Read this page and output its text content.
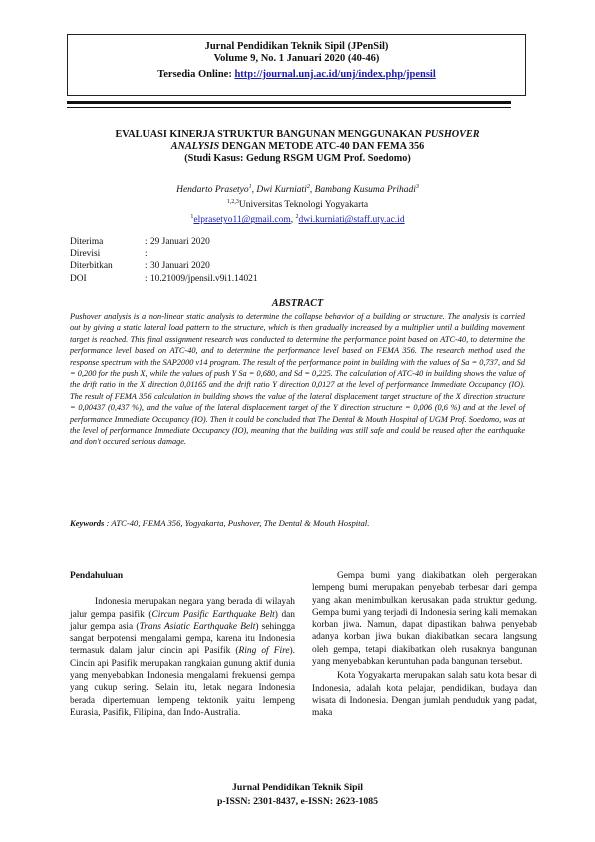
Jurnal Pendidikan Teknik Sipil (JPenSil)
Volume 9, No. 1 Januari 2020 (40-46)
Tersedia Online: http://journal.unj.ac.id/unj/index.php/jpensil
EVALUASI KINERJA STRUKTUR BANGUNAN MENGGUNAKAN PUSHOVER
ANALYSIS DENGAN METODE ATC-40 DAN FEMA 356
(Studi Kasus: Gedung RSGM UGM Prof. Soedomo)
Hendarto Prasetyo$^1$, Dwi Kurniati$^2$, Bambang Kusuma Prihadi$^3$
$^{1,2,3}$Universitas Teknologi Yogyakarta
$^1$elprasetyo11@gmail.com, $^2$dwi.kurniati@staff.uty.ac.id
Diterima	: 29 Januari 2020
Direvisi	:
Diterbitkan	: 30 Januari 2020
DOI	: 10.21009/jpensil.v9i1.14021
ABSTRACT
Pushover analysis is a non-linear static analysis to determine the collapse behavior of a building or structure. The analysis is carried out by giving a static lateral load pattern to the structure, which is then gradually increased by a multiplier until a building movement target is reached. This final assignment research was conducted to determine the performance point based on ATC-40, to determine the performance level based on ATC-40, and to determine the performance level based on FEMA 356. The research method used the response spectrum with the SAP2000 v14 program. The result of the performance point in building with the values of Sa = 0,737, and Sd = 0,200 for the push X, while the values of push Y Sa = 0,680, and Sd = 0,225. The calculation of ATC-40 in building shows the value of the drift ratio in the X direction 0,01165 and the drift ratio Y direction 0,0127 at the level of performance Immediate Occupancy (IO). The result of FEMA 356 calculation in building shows the value of the lateral displacement target structure of the X direction structure = 0,00437 (0,437 %), and the value of the lateral displacement target of the Y direction structure = 0,006 (0,6 %) and at the level of performance Immediate Occupancy (IO). Then it could be concluded that The Dental & Mouth Hospital of UGM Prof. Soedomo, was at the level of performance Immediate Occupancy (IO), meaning that the building was still safe and could be reused after the earthquake and don't occured serious damage.
Keywords : ATC-40, FEMA 356, Yogyakarta, Pushover, The Dental & Mouth Hospital.
Pendahuluan

Indonesia merupakan negara yang berada di wilayah jalur gempa pasifik (Circum Pasific Earthquake Belt) dan jalur gempa asia (Trans Asiatic Earthquake Belt) sehingga sangat berpotensi mengalami gempa, karena itu Indonesia termasuk dalam jalur cincin api Pasifik (Ring of Fire). Cincin api Pasifik merupakan rangkaian gunung aktif dunia yang menyebabkan Indonesia mengalami frekuensi gempa yang cukup sering. Selain itu, letak negara Indonesia berada dipertemuan lempeng tektonik yaitu lempeng Eurasia, Pasifik, Filipina, dan Indo-Australia.

Gempa bumi yang diakibatkan oleh pergerakan lempeng bumi merupakan penyebab terbesar dari gempa yang akan menimbulkan kerusakan pada struktur gedung. Gempa bumi yang terjadi di Indonesia sering kali memakan korban jiwa. Namun, dapat dipastikan bahwa penyebab adanya korban jiwa bukan diakibatkan secara langsung oleh gempa, tetapi diakibatkan oleh rusaknya bangunan yang menyebabkan keruntuhan pada bangunan tersebut.

Kota Yogyakarta merupakan salah satu kota besar di Indonesia, adalah kota pelajar, pendidikan, budaya dan wisata di Indonesia. Dengan jumlah penduduk yang padat, maka

Jurnal Pendidikan Teknik Sipil
p-ISSN: 2301-8437, e-ISSN: 2623-1085
